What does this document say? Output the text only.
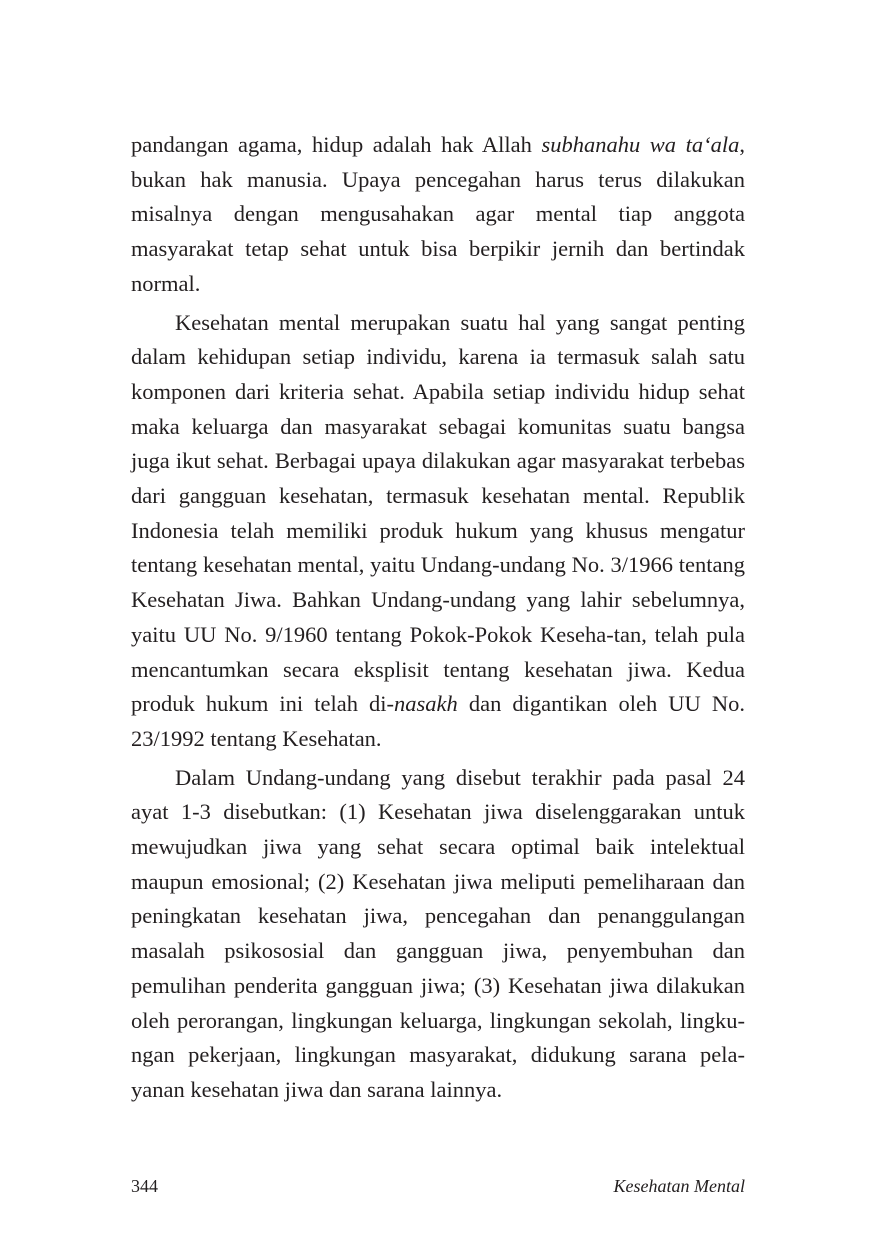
pandangan agama, hidup adalah hak Allah subhanahu wa ta‘ala, bukan hak manusia. Upaya pencegahan harus terus dilakukan misalnya dengan mengusahakan agar mental tiap anggota masyarakat tetap sehat untuk bisa berpikir jernih dan bertindak normal.

Kesehatan mental merupakan suatu hal yang sangat penting dalam kehidupan setiap individu, karena ia termasuk salah satu komponen dari kriteria sehat. Apabila setiap individu hidup sehat maka keluarga dan masyarakat sebagai komunitas suatu bangsa juga ikut sehat. Berbagai upaya dilakukan agar masyarakat terbebas dari gangguan kesehatan, termasuk kesehatan mental. Republik Indonesia telah memiliki produk hukum yang khusus mengatur tentang kesehatan mental, yaitu Undang-undang No. 3/1966 tentang Kesehatan Jiwa. Bahkan Undang-undang yang lahir sebelumnya, yaitu UU No. 9/1960 tentang Pokok-Pokok Keseha-tan, telah pula mencantumkan secara eksplisit tentang kesehatan jiwa. Kedua produk hukum ini telah di-nasakh dan digantikan oleh UU No. 23/1992 tentang Kesehatan.

Dalam Undang-undang yang disebut terakhir pada pasal 24 ayat 1-3 disebutkan: (1) Kesehatan jiwa diselenggarakan untuk mewujudkan jiwa yang sehat secara optimal baik intelektual maupun emosional; (2) Kesehatan jiwa meliputi pemeliharaan dan peningkatan kesehatan jiwa, pencegahan dan penanggulangan masalah psikososial dan gangguan jiwa, penyembuhan dan pemulihan penderita gangguan jiwa; (3) Kesehatan jiwa dilakukan oleh perorangan, lingkungan keluarga, lingkungan sekolah, lingku-ngan pekerjaan, lingkungan masyarakat, didukung sarana pela-yanan kesehatan jiwa dan sarana lainnya.

344	Kesehatan Mental
